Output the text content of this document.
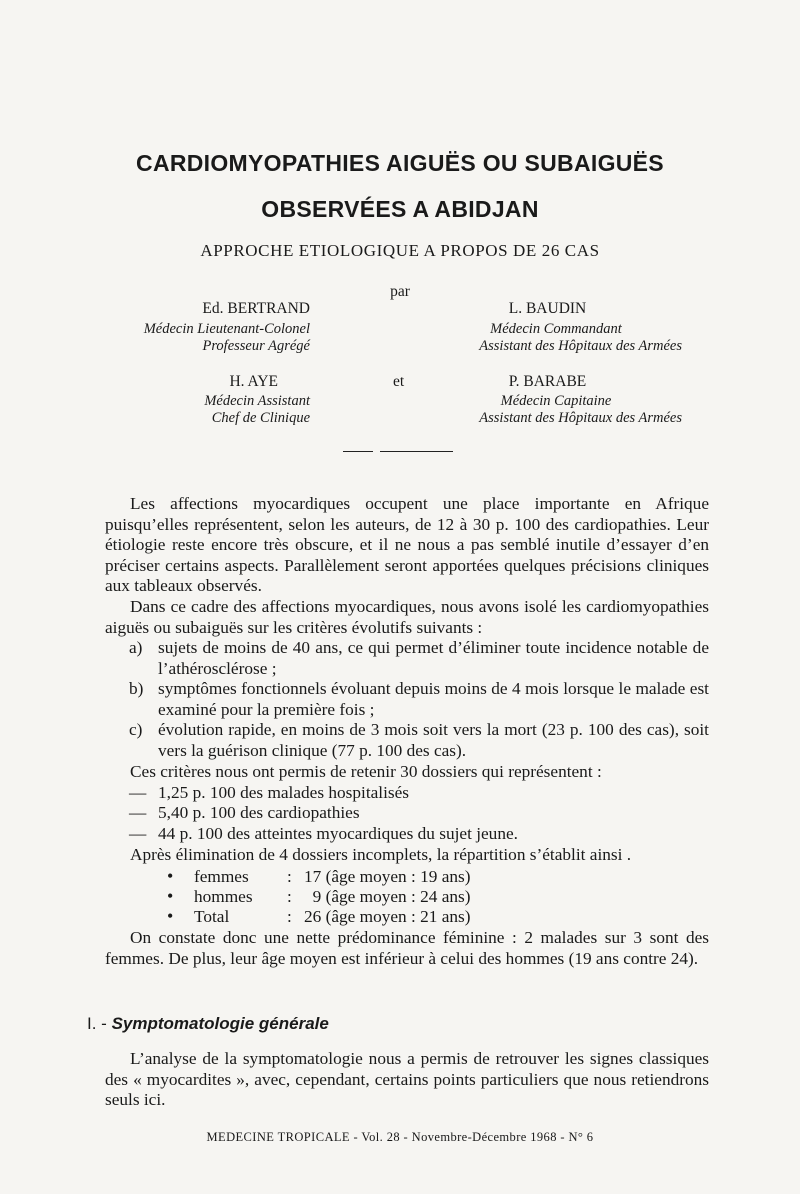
CARDIOMYOPATHIES AIGUËS OU SUBAIGUËS
OBSERVÉES A ABIDJAN
APPROCHE ETIOLOGIQUE A PROPOS DE 26 CAS
par
Ed. BERTRAND
Médecin Lieutenant-Colonel
Professeur Agrégé
L. BAUDIN
Médecin Commandant
Assistant des Hôpitaux des Armées
H. AYE
Médecin Assistant
Chef de Clinique
et	P. BARABE
Médecin Capitaine
Assistant des Hôpitaux des Armées
Les affections myocardiques occupent une place importante en Afrique puisqu’elles représentent, selon les auteurs, de 12 à 30 p. 100 des cardiopathies. Leur étiologie reste encore très obscure, et il ne nous a pas semblé inutile d’essayer d’en préciser certains aspects. Parallèlement seront apportées quelques précisions cliniques aux tableaux observés.
Dans ce cadre des affections myocardiques, nous avons isolé les cardiomyopathies aiguës ou subaiguës sur les critères évolutifs suivants :
a) sujets de moins de 40 ans, ce qui permet d’éliminer toute incidence notable de l’athérosclérose ;
b) symptômes fonctionnels évoluant depuis moins de 4 mois lorsque le malade est examiné pour la première fois ;
c) évolution rapide, en moins de 3 mois soit vers la mort (23 p. 100 des cas), soit vers la guérison clinique (77 p. 100 des cas).
Ces critères nous ont permis de retenir 30 dossiers qui représentent :
— 1,25 p. 100 des malades hospitalisés
— 5,40 p. 100 des cardiopathies
— 44 p. 100 des atteintes myocardiques du sujet jeune.
Après élimination de 4 dossiers incomplets, la répartition s’établit ainsi .
• femmes : 17 (âge moyen : 19 ans)
• hommes :  9 (âge moyen : 24 ans)
• Total	: 26 (âge moyen : 21 ans)
On constate donc une nette prédominance féminine : 2 malades sur 3 sont des femmes. De plus, leur âge moyen est inférieur à celui des hommes (19 ans contre 24).
I. - Symptomatologie générale
L’analyse de la symptomatologie nous a permis de retrouver les signes classiques des « myocardites », avec, cependant, certains points particuliers que nous retiendrons seuls ici.
MEDECINE TROPICALE - Vol. 28 - Novembre-Décembre 1968 - N° 6
